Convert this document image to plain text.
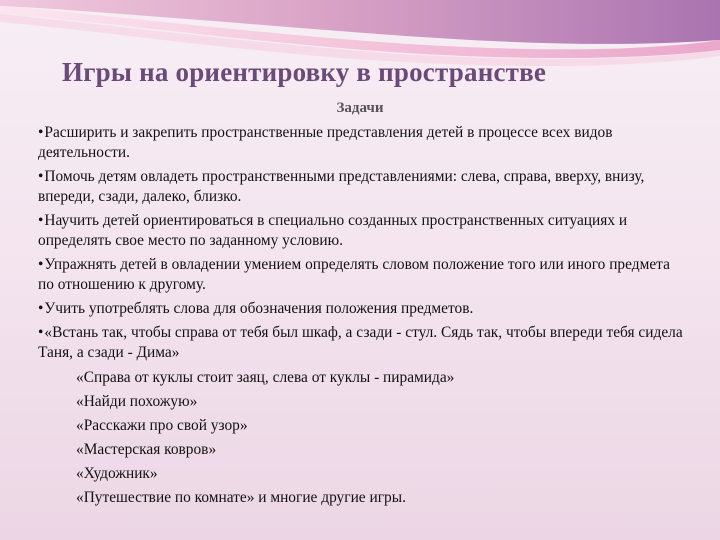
Игры на ориентировку в пространстве
Задачи
•Расширить и закрепить пространственные представления детей в процессе всех видов деятельности.
•Помочь детям овладеть пространственными представлениями: слева, справа, вверху, внизу, впереди, сзади, далеко, близко.
•Научить детей ориентироваться в специально созданных пространственных ситуациях и определять свое место по заданному условию.
•Упражнять детей в овладении умением определять словом положение того или иного предмета по отношению к другому.
•Учить употреблять слова для обозначения положения предметов.
•«Встань так, чтобы справа от тебя был шкаф, а сзади - стул. Сядь так, чтобы впереди тебя сидела Таня, а сзади - Дима»
«Справа от куклы стоит заяц, слева от куклы - пирамида»
«Найди похожую»
«Расскажи про свой узор»
«Мастерская ковров»
«Художник»
«Путешествие по комнате» и многие другие игры.
